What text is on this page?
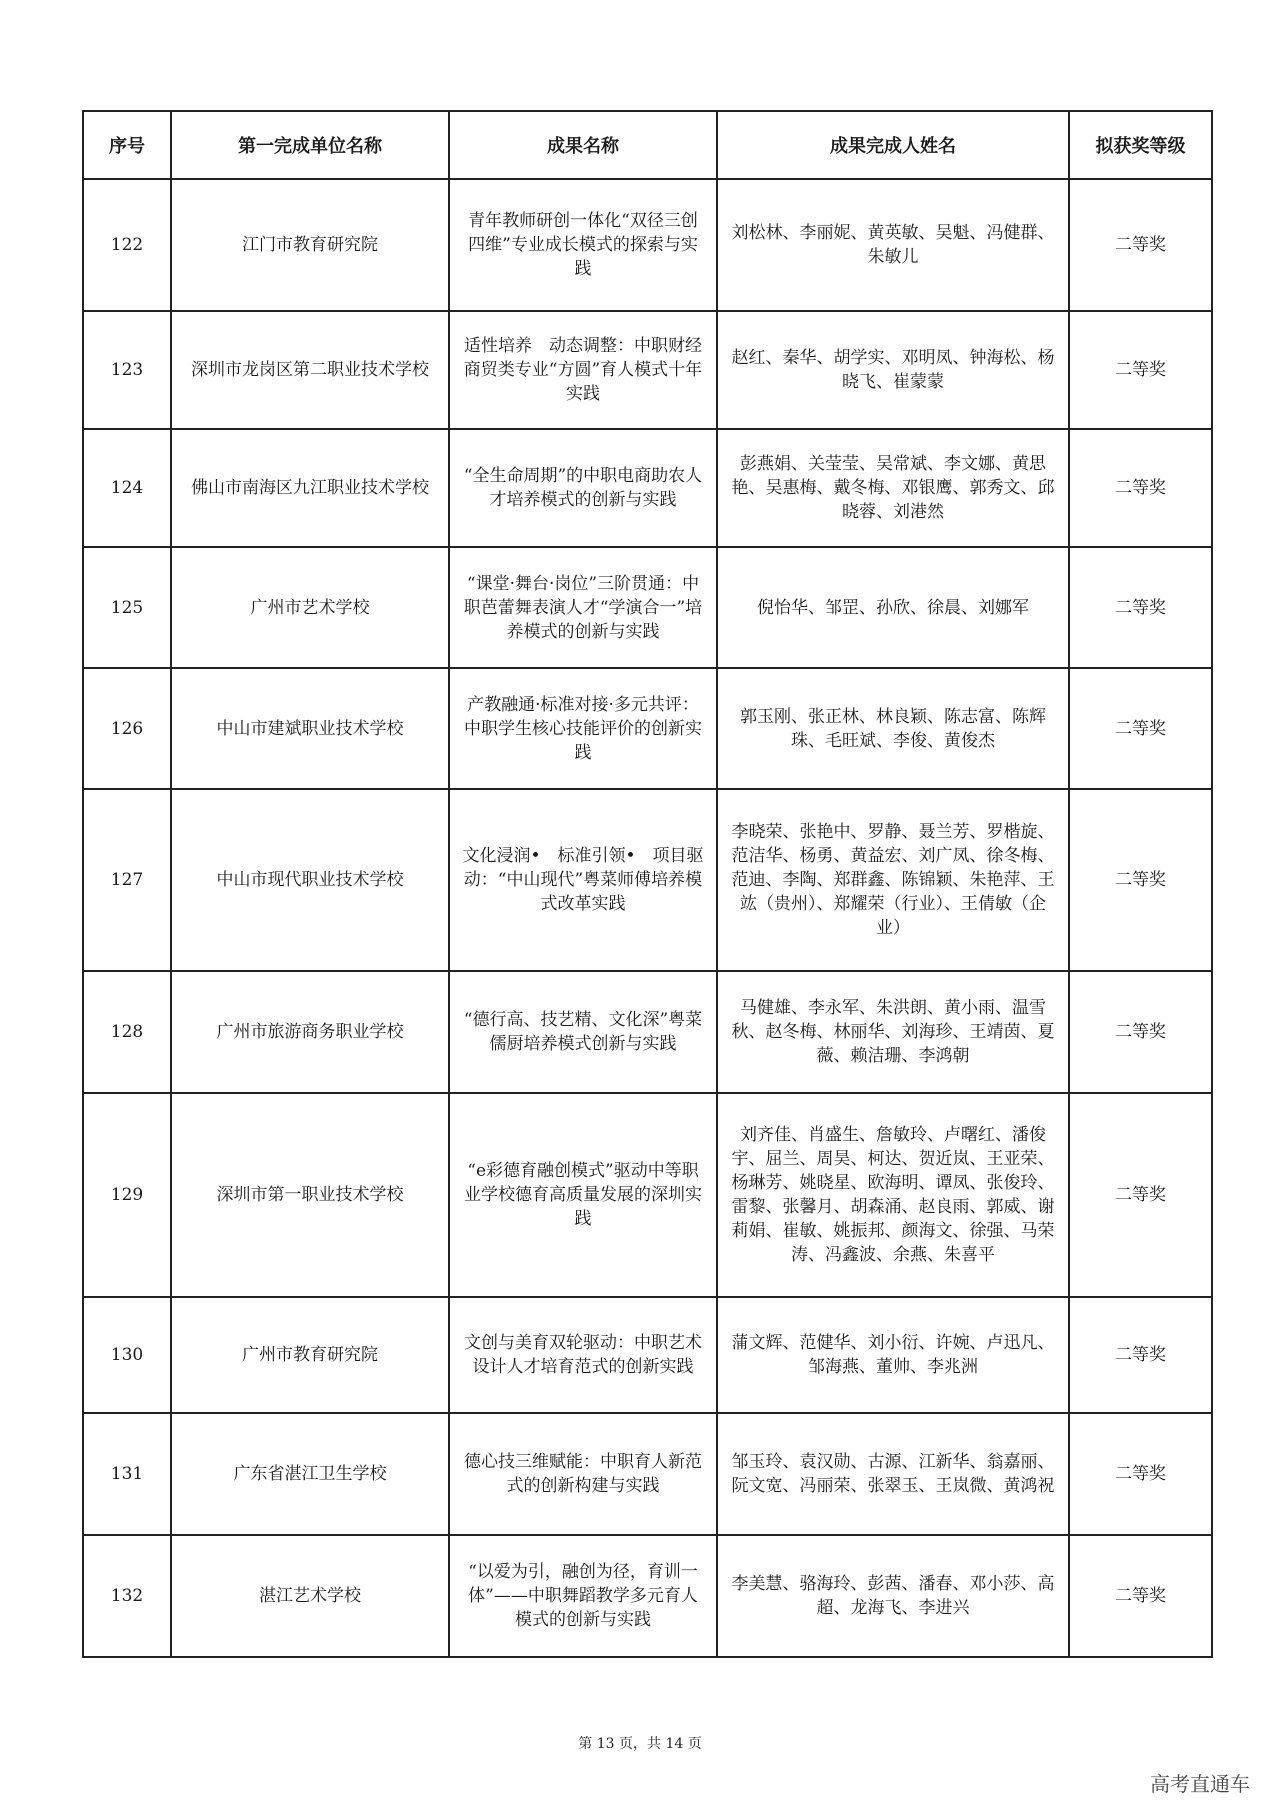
序号	第一完成单位名称	成果名称	成果完成人姓名	拟获奖等级
122	江门市教育研究院	青年教师研创一体化“双径三创四维”专业成长模式的探索与实践	刘松林、李丽妮、黄英敏、吴魁、冯健群、朱敏儿	二等奖
123	深圳市龙岗区第二职业技术学校	适性培养　动态调整：中职财经商贸类专业“方圆”育人模式十年实践	赵红、秦华、胡学实、邓明凤、钟海松、杨晓飞、崔蒙蒙	二等奖
124	佛山市南海区九江职业技术学校	“全生命周期”的中职电商助农人才培养模式的创新与实践	彭燕娟、关莹莹、吴常斌、李文娜、黄思艳、吴惠梅、戴冬梅、邓银鹰、郭秀文、邱晓蓉、刘港然	二等奖
125	广州市艺术学校	“课堂·舞台·岗位”三阶贯通：中职芭蕾舞表演人才“学演合一”培养模式的创新与实践	倪怡华、邹罡、孙欣、徐晨、刘娜军	二等奖
126	中山市建斌职业技术学校	产教融通·标准对接·多元共评：中职学生核心技能评价的创新实践	郭玉刚、张正林、林良颖、陈志富、陈辉珠、毛旺斌、李俊、黄俊杰	二等奖
127	中山市现代职业技术学校	文化浸润•　标准引领•　项目驱动：“中山现代”粤菜师傅培养模式改革实践	李晓荣、张艳中、罗静、聂兰芳、罗楷旋、范洁华、杨勇、黄益宏、刘广凤、徐冬梅、范迪、李陶、郑群鑫、陈锦颖、朱艳萍、王竑（贵州）、郑耀荣（行业）、王倩敏（企业）	二等奖
128	广州市旅游商务职业学校	“德行高、技艺精、文化深”粤菜儒厨培养模式创新与实践	马健雄、李永军、朱洪朗、黄小雨、温雪秋、赵冬梅、林丽华、刘海珍、王靖茵、夏薇、赖洁珊、李鸿朝	二等奖
129	深圳市第一职业技术学校	“e彩德育融创模式”驱动中等职业学校德育高质量发展的深圳实践	刘齐佳、肖盛生、詹敏玲、卢曙红、潘俊宇、屈兰、周昊、柯达、贺近岚、王亚荣、杨琳芳、姚晓星、欧海明、谭凤、张俊玲、雷黎、张馨月、胡森涌、赵良雨、郭威、谢莉娟、崔敏、姚振邦、颜海文、徐强、马荣涛、冯鑫波、余燕、朱喜平	二等奖
130	广州市教育研究院	文创与美育双轮驱动：中职艺术设计人才培育范式的创新实践	蒲文辉、范健华、刘小衍、许婉、卢迅凡、邹海燕、董帅、李兆洲	二等奖
131	广东省湛江卫生学校	德心技三维赋能：中职育人新范式的创新构建与实践	邹玉玲、袁汉勋、古源、江新华、翁嘉丽、阮文宽、冯丽荣、张翠玉、王岚微、黄鸿祝	二等奖
132	湛江艺术学校	“以爱为引，融创为径，育训一体”——中职舞蹈教学多元育人模式的创新与实践	李美慧、骆海玲、彭茜、潘春、邓小莎、高超、龙海飞、李进兴	二等奖
第 13 页，共 14 页
高考直通车
